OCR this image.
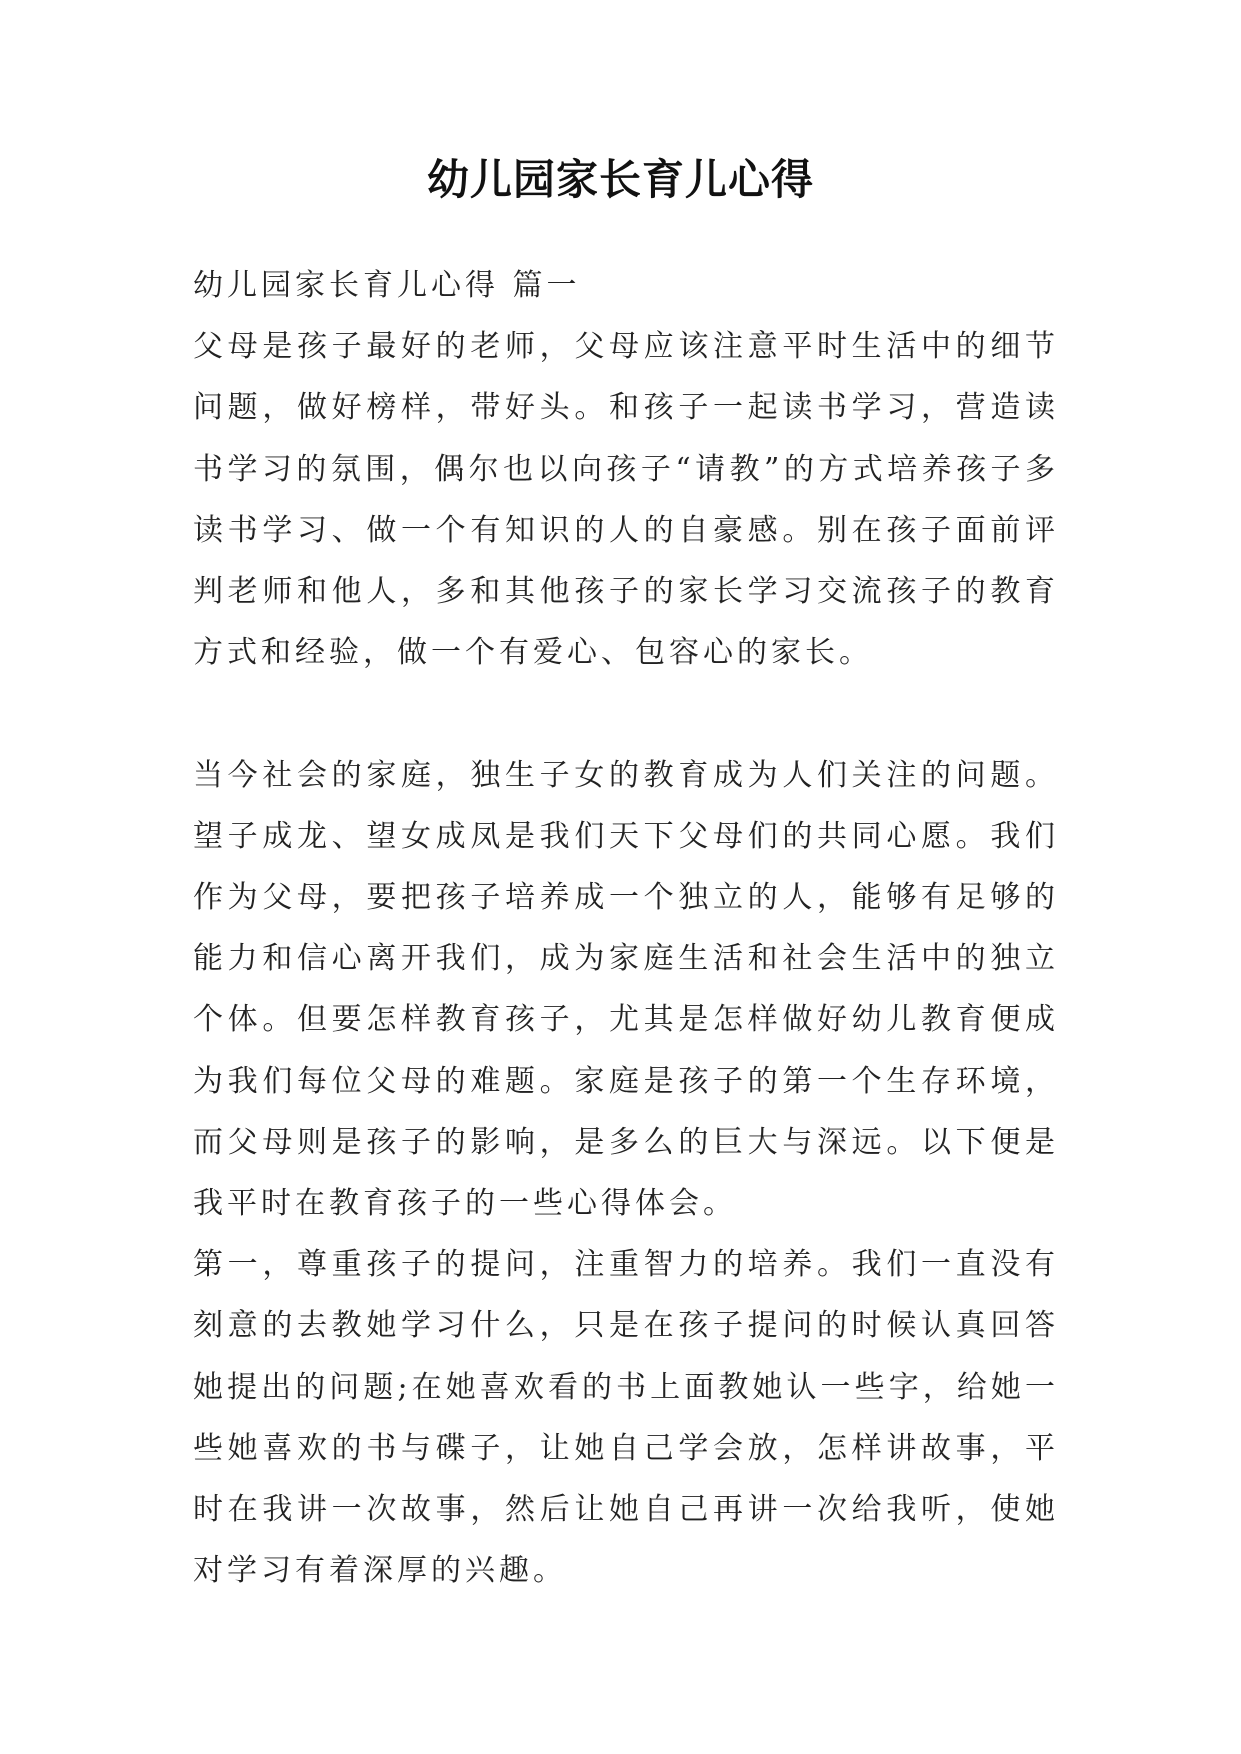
幼儿园家长育儿心得

幼儿园家长育儿心得 篇一

父母是孩子最好的老师，父母应该注意平时生活中的细节问题，做好榜样，带好头。和孩子一起读书学习，营造读书学习的氛围，偶尔也以向孩子“请教”的方式培养孩子多读书学习、做一个有知识的人的自豪感。别在孩子面前评判老师和他人，多和其他孩子的家长学习交流孩子的教育方式和经验，做一个有爱心、包容心的家长。

当今社会的家庭，独生子女的教育成为人们关注的问题。望子成龙、望女成凤是我们天下父母们的共同心愿。我们作为父母，要把孩子培养成一个独立的人，能够有足够的能力和信心离开我们，成为家庭生活和社会生活中的独立个体。但要怎样教育孩子，尤其是怎样做好幼儿教育便成为我们每位父母的难题。家庭是孩子的第一个生存环境，而父母则是孩子的影响，是多么的巨大与深远。以下便是我平时在教育孩子的一些心得体会。

第一，尊重孩子的提问，注重智力的培养。我们一直没有刻意的去教她学习什么，只是在孩子提问的时候认真回答她提出的问题;在她喜欢看的书上面教她认一些字，给她一些她喜欢的书与碟子，让她自己学会放，怎样讲故事，平时在我讲一次故事，然后让她自己再讲一次给我听，使她对学习有着深厚的兴趣。
